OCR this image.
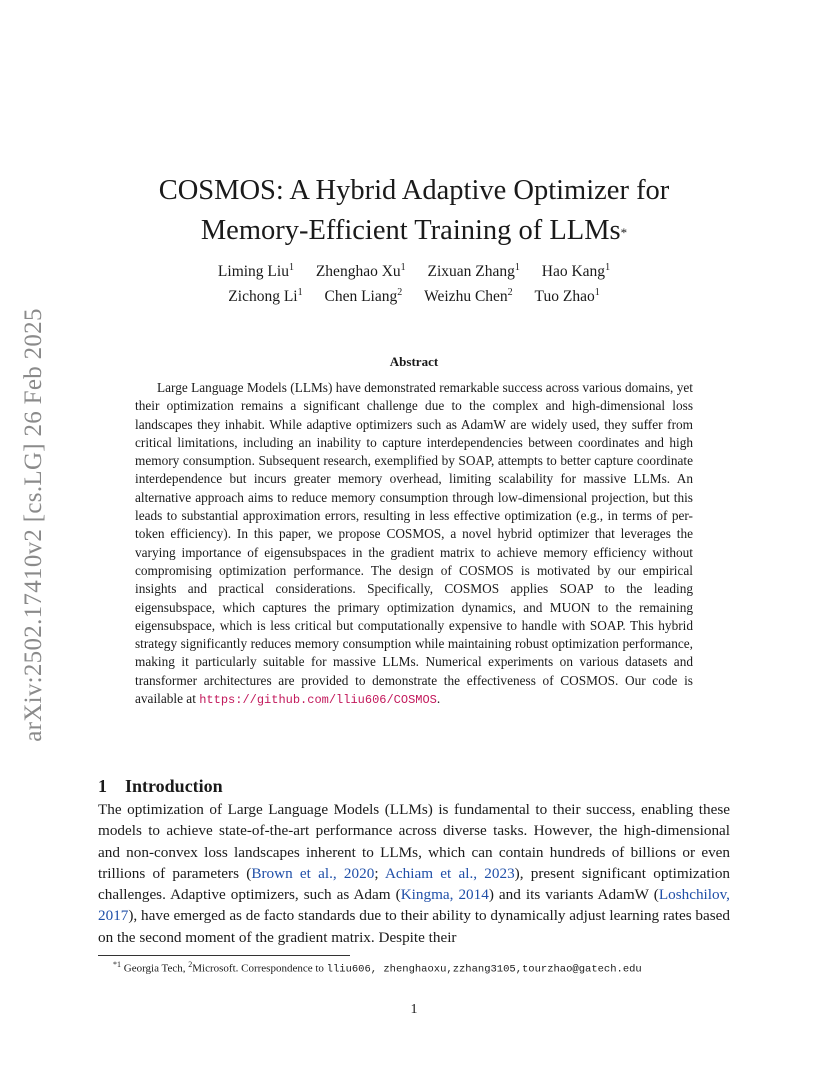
arXiv:2502.17410v2 [cs.LG] 26 Feb 2025
COSMOS: A Hybrid Adaptive Optimizer for
Memory-Efficient Training of LLMs*
Liming Liu$^1$ Zhenghao Xu$^1$ Zixuan Zhang$^1$ Hao Kang$^1$
Zichong Li$^1$ Chen Liang$^2$ Weizhu Chen$^2$ Tuo Zhao$^1$
Abstract

Large Language Models (LLMs) have demonstrated remarkable success across various domains, yet their optimization remains a significant challenge due to the complex and high-dimensional loss landscapes they inhabit. While adaptive optimizers such as AdamW are widely used, they suffer from critical limitations, including an inability to capture interdependencies between coordinates and high memory consumption. Subsequent research, exemplified by SOAP, attempts to better capture coordinate interdependence but incurs greater memory overhead, limiting scalability for massive LLMs. An alternative approach aims to reduce memory consumption through low-dimensional projection, but this leads to substantial approximation errors, resulting in less effective optimization (e.g., in terms of per-token efficiency). In this paper, we propose COSMOS, a novel hybrid optimizer that leverages the varying importance of eigensubspaces in the gradient matrix to achieve memory efficiency without compromising optimization performance. The design of COSMOS is motivated by our empirical insights and practical considerations. Specifically, COSMOS applies SOAP to the leading eigensubspace, which captures the primary optimization dynamics, and MUON to the remaining eigensubspace, which is less critical but computationally expensive to handle with SOAP. This hybrid strategy significantly reduces memory consumption while maintaining robust optimization performance, making it particularly suitable for massive LLMs. Numerical experiments on various datasets and transformer architectures are provided to demonstrate the effectiveness of COSMOS. Our code is available at https://github.com/lliu606/COSMOS.

1 Introduction

The optimization of Large Language Models (LLMs) is fundamental to their success, enabling these models to achieve state-of-the-art performance across diverse tasks. However, the high-dimensional and non-convex loss landscapes inherent to LLMs, which can contain hundreds of billions or even trillions of parameters (Brown et al., 2020; Achiam et al., 2023), present significant optimization challenges. Adaptive optimizers, such as Adam (Kingma, 2014) and its variants AdamW (Loshchilov, 2017), have emerged as de facto standards due to their ability to dynamically adjust learning rates based on the second moment of the gradient matrix. Despite their

$^{*1}$ Georgia Tech, $^2$Microsoft. Correspondence to lliu606, zhenghaoxu,zzhang3105,tourzhao@gatech.edu
1
